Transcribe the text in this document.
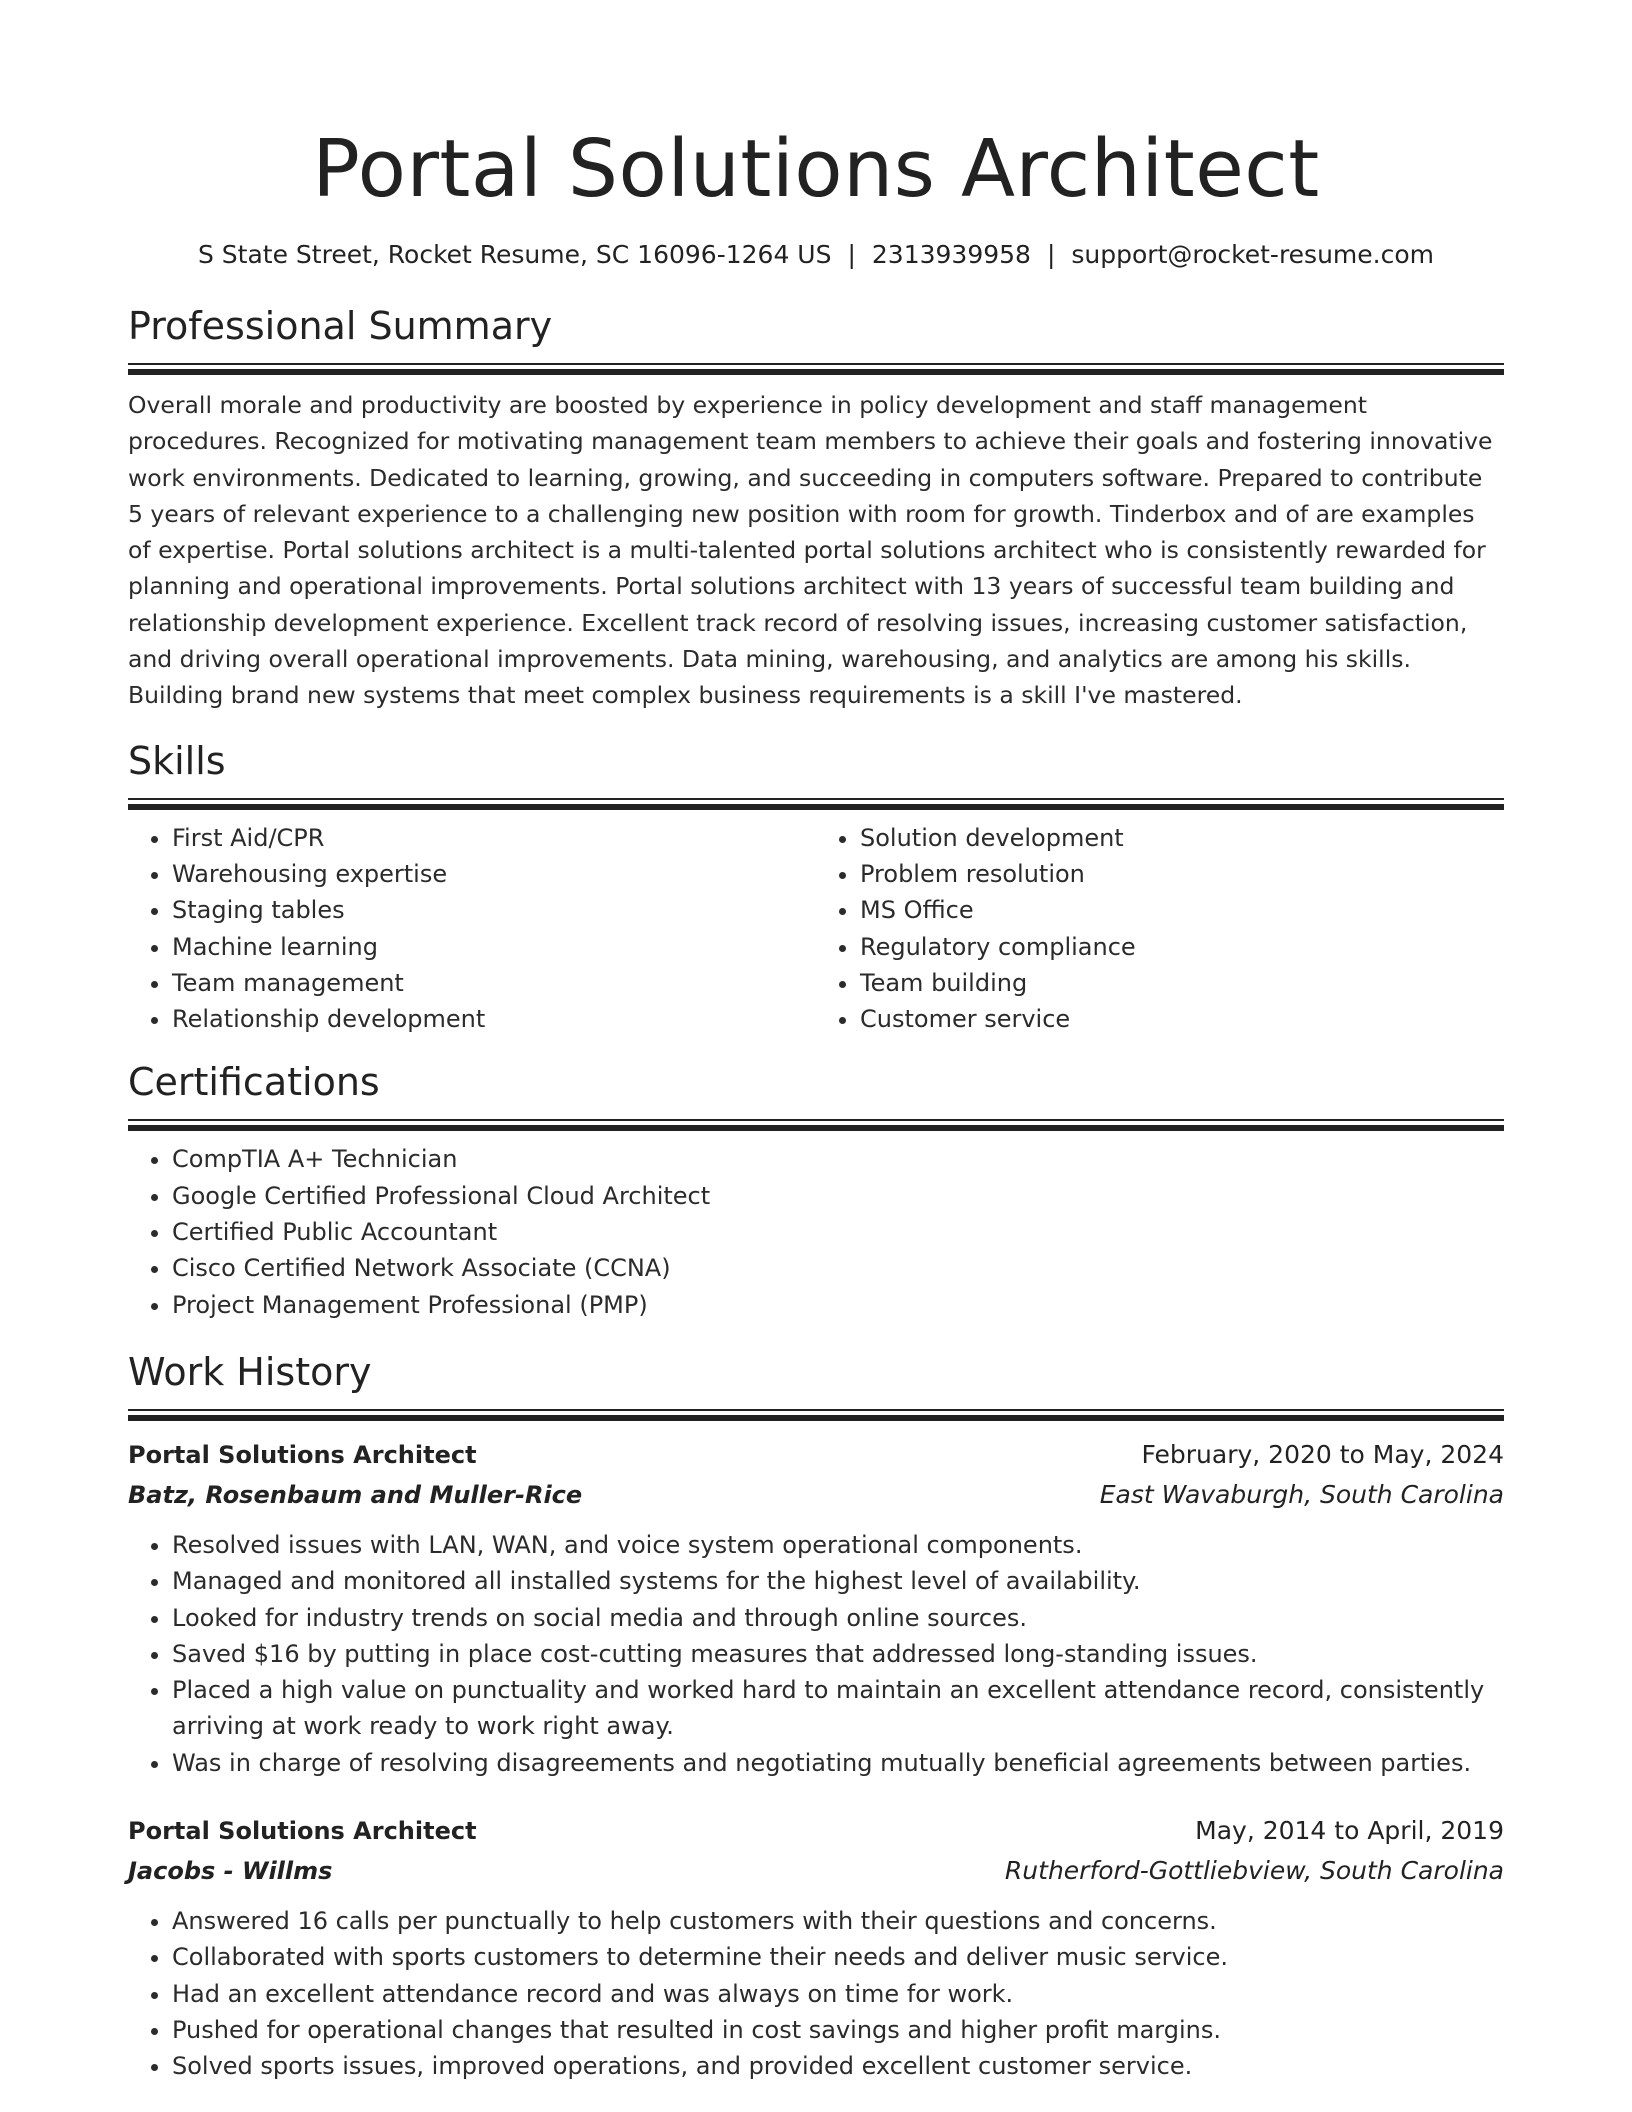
Portal Solutions Architect
S State Street, Rocket Resume, SC 16096-1264 US | 2313939958 | support@rocket-resume.com
Professional Summary
Overall morale and productivity are boosted by experience in policy development and staff management procedures. Recognized for motivating management team members to achieve their goals and fostering innovative work environments. Dedicated to learning, growing, and succeeding in computers software. Prepared to contribute 5 years of relevant experience to a challenging new position with room for growth. Tinderbox and of are examples of expertise. Portal solutions architect is a multi-talented portal solutions architect who is consistently rewarded for planning and operational improvements. Portal solutions architect with 13 years of successful team building and relationship development experience. Excellent track record of resolving issues, increasing customer satisfaction, and driving overall operational improvements. Data mining, warehousing, and analytics are among his skills. Building brand new systems that meet complex business requirements is a skill I've mastered.
Skills
• First Aid/CPR
• Warehousing expertise
• Staging tables
• Machine learning
• Team management
• Relationship development
• Solution development
• Problem resolution
• MS Office
• Regulatory compliance
• Team building
• Customer service
Certifications
• CompTIA A+ Technician
• Google Certified Professional Cloud Architect
• Certified Public Accountant
• Cisco Certified Network Associate (CCNA)
• Project Management Professional (PMP)
Work History
Portal Solutions Architect	February, 2020 to May, 2024
Batz, Rosenbaum and Muller-Rice	East Wavaburgh, South Carolina
• Resolved issues with LAN, WAN, and voice system operational components.
• Managed and monitored all installed systems for the highest level of availability.
• Looked for industry trends on social media and through online sources.
• Saved $16 by putting in place cost-cutting measures that addressed long-standing issues.
• Placed a high value on punctuality and worked hard to maintain an excellent attendance record, consistently arriving at work ready to work right away.
• Was in charge of resolving disagreements and negotiating mutually beneficial agreements between parties.
Portal Solutions Architect	May, 2014 to April, 2019
Jacobs - Willms	Rutherford-Gottliebview, South Carolina
• Answered 16 calls per punctually to help customers with their questions and concerns.
• Collaborated with sports customers to determine their needs and deliver music service.
• Had an excellent attendance record and was always on time for work.
• Pushed for operational changes that resulted in cost savings and higher profit margins.
• Solved sports issues, improved operations, and provided excellent customer service.
